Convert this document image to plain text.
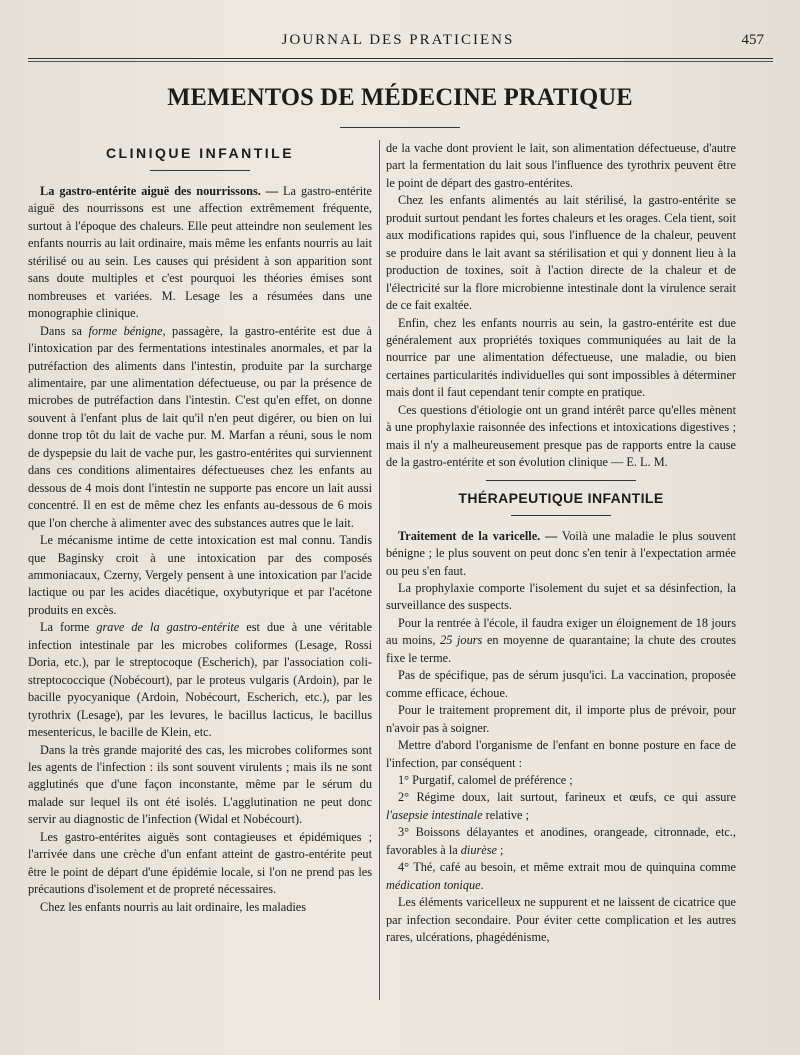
JOURNAL DES PRATICIENS	457
MEMENTOS DE MÉDECINE PRATIQUE
CLINIQUE INFANTILE

La gastro-entérite aiguë des nourrissons. — La gastro-entérite aiguë des nourrissons est une affection extrêmement fréquente, surtout à l'époque des chaleurs. Elle peut atteindre non seulement les enfants nourris au lait ordinaire, mais même les enfants nourris au lait stérilisé ou au sein. Les causes qui président à son apparition sont sans doute multiples et c'est pourquoi les théories émises sont nombreuses et variées. M. Lesage les a résumées dans une monographie clinique.

Dans sa forme bénigne, passagère, la gastro-entérite est due à l'intoxication par des fermentations intestinales anormales, et par la putréfaction des aliments dans l'intestin, produite par la surcharge alimentaire, par une alimentation défectueuse, ou par la présence de microbes de putréfaction dans l'intestin. C'est qu'en effet, on donne souvent à l'enfant plus de lait qu'il n'en peut digérer, ou bien on lui donne trop tôt du lait de vache pur. M. Marfan a réuni, sous le nom de dyspepsie du lait de vache pur, les gastro-entérites qui surviennent dans ces conditions alimentaires défectueuses chez les enfants au dessous de 4 mois dont l'intestin ne supporte pas encore un lait aussi concentré. Il en est de même chez les enfants au-dessous de 6 mois que l'on cherche à alimenter avec des substances autres que le lait.

Le mécanisme intime de cette intoxication est mal connu. Tandis que Baginsky croit à une intoxication par des composés ammoniacaux, Czerny, Vergely pensent à une intoxication par l'acide lactique ou par les acides diacétique, oxybutyrique et par l'acétone produits en excès.

La forme grave de la gastro-entérite est due à une véritable infection intestinale par les microbes coliformes (Lesage, Rossi Doria, etc.), par le streptocoque (Escherich), par l'association coli-streptococcique (Nobécourt), par le proteus vulgaris (Ardoin), par le bacille pyocyanique (Ardoin, Nobécourt, Escherich, etc.), par les tyrothrix (Lesage), par les levures, le bacillus lacticus, le bacillus mesentericus, le bacille de Klein, etc.

Dans la très grande majorité des cas, les microbes coliformes sont les agents de l'infection : ils sont souvent virulents ; mais ils ne sont agglutinés que d'une façon inconstante, même par le sérum du malade sur lequel ils ont été isolés. L'agglutination ne peut donc servir au diagnostic de l'infection (Widal et Nobécourt).

Les gastro-entérites aiguës sont contagieuses et épidémiques ; l'arrivée dans une crèche d'un enfant atteint de gastro-entérite peut être le point de départ d'une épidémie locale, si l'on ne prend pas les précautions d'isolement et de propreté nécessaires.

Chez les enfants nourris au lait ordinaire, les maladies

de la vache dont provient le lait, son alimentation défectueuse, d'autre part la fermentation du lait sous l'influence des tyrothrix peuvent être le point de départ des gastro-entérites.

Chez les enfants alimentés au lait stérilisé, la gastro-entérite se produit surtout pendant les fortes chaleurs et les orages. Cela tient, soit aux modifications rapides qui, sous l'influence de la chaleur, peuvent se produire dans le lait avant sa stérilisation et qui y donnent lieu à la production de toxines, soit à l'action directe de la chaleur et de l'électricité sur la flore microbienne intestinale dont la virulence serait de ce fait exaltée.

Enfin, chez les enfants nourris au sein, la gastro-entérite est due généralement aux propriétés toxiques communiquées au lait de la nourrice par une alimentation défectueuse, une maladie, ou bien certaines particularités individuelles qui sont impossibles à déterminer mais dont il faut cependant tenir compte en pratique.

Ces questions d'étiologie ont un grand intérêt parce qu'elles mènent à une prophylaxie raisonnée des infections et intoxications digestives ; mais il n'y a malheureusement presque pas de rapports entre la cause de la gastro-entérite et son évolution clinique — E. L. M.

THÉRAPEUTIQUE INFANTILE

Traitement de la varicelle. — Voilà une maladie le plus souvent bénigne ; le plus souvent on peut donc s'en tenir à l'expectation armée ou peu s'en faut.

La prophylaxie comporte l'isolement du sujet et sa désinfection, la surveillance des suspects.

Pour la rentrée à l'école, il faudra exiger un éloignement de 18 jours au moins, 25 jours en moyenne de quarantaine; la chute des croutes fixe le terme.

Pas de spécifique, pas de sérum jusqu'ici. La vaccination, proposée comme efficace, échoue.

Pour le traitement proprement dit, il importe plus de prévoir, pour n'avoir pas à soigner.

Mettre d'abord l'organisme de l'enfant en bonne posture en face de l'infection, par conséquent :

1° Purgatif, calomel de préférence ;

2° Régime doux, lait surtout, farineux et œufs, ce qui assure l'asepsie intestinale relative ;

3° Boissons délayantes et anodines, orangeade, citronnade, etc., favorables à la diurèse ;

4° Thé, café au besoin, et même extrait mou de quinquina comme médication tonique.

Les éléments varicelleux ne suppurent et ne laissent de cicatrice que par infection secondaire. Pour éviter cette complication et les autres rares, ulcérations, phagédénisme,
